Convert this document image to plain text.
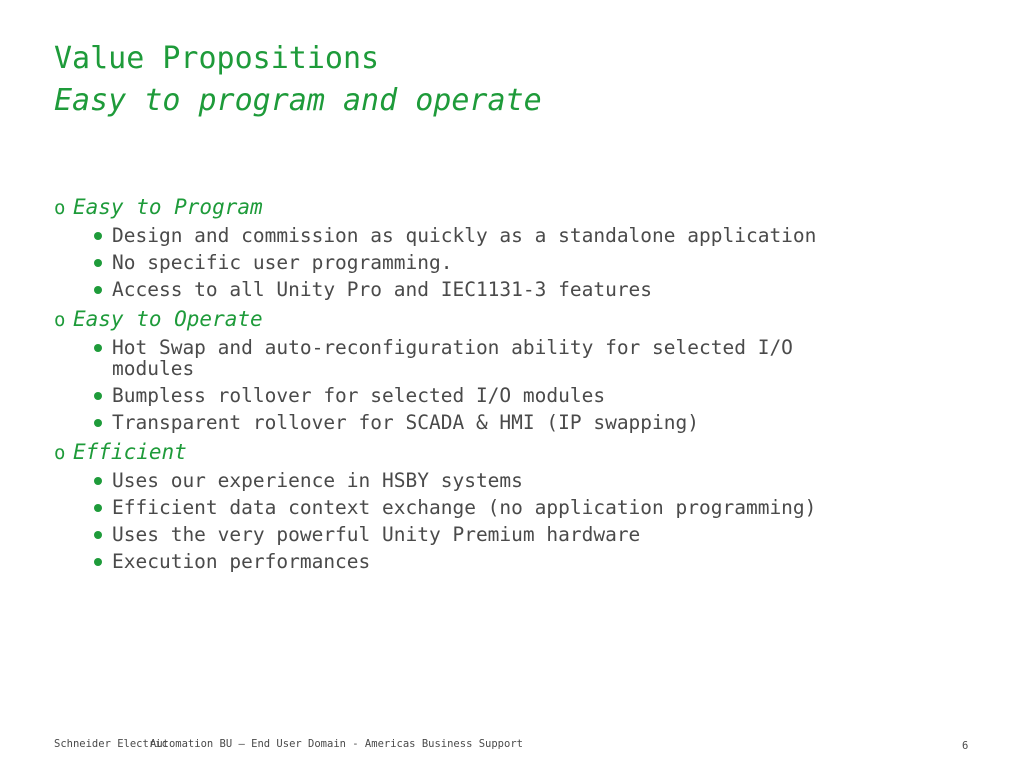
Value Propositions
Easy to program and operate
o Easy to Program
Design and commission as quickly as a standalone application
No specific user programming.
Access to all Unity Pro and IEC1131-3 features
o Easy to Operate
Hot Swap and auto-reconfiguration ability for selected I/O modules
Bumpless rollover for selected I/O modules
Transparent rollover for SCADA & HMI (IP swapping)
o Efficient
Uses our experience in HSBY systems
Efficient data context exchange (no application programming)
Uses the very powerful Unity Premium hardware
Execution performances
Schneider Electric
Automation BU – End User Domain - Americas Business Support	6
